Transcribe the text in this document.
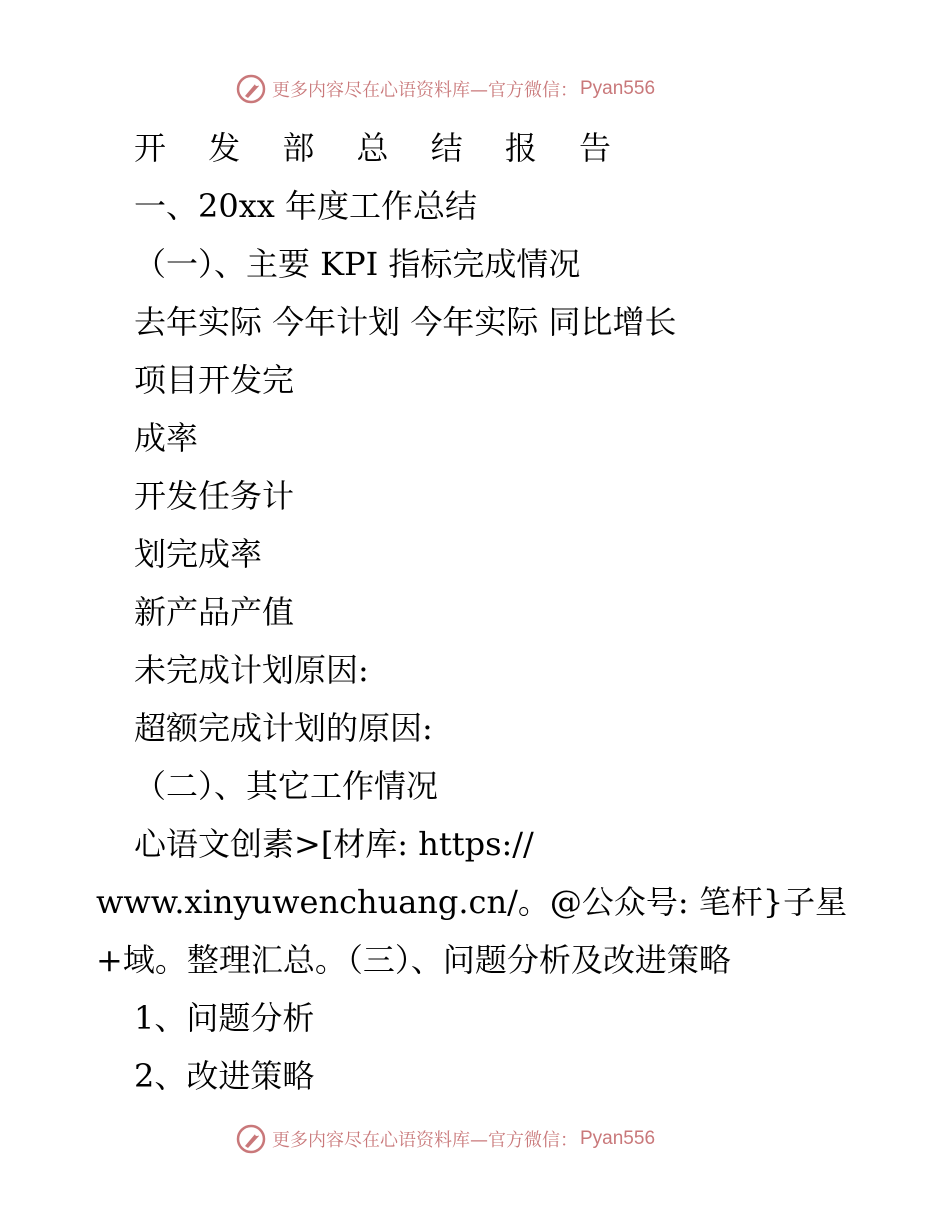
更多内容尽在心语资料库—官方微信： Pyan556
开 发 部 总 结 报 告
一、20xx 年度工作总结
（一）、主要 KPI 指标完成情况
去年实际 今年计划 今年实际 同比增长
项目开发完
成率
开发任务计
划完成率
新产品产值
未完成计划原因:
超额完成计划的原因:
（二）、其它工作情况
心语文创素>[材库: https://
www.xinyuwenchuang.cn/。@公众号: 笔杆}子星
+域。整理汇总。（三）、问题分析及改进策略
1、问题分析
2、改进策略
更多内容尽在心语资料库—官方微信： Pyan556
